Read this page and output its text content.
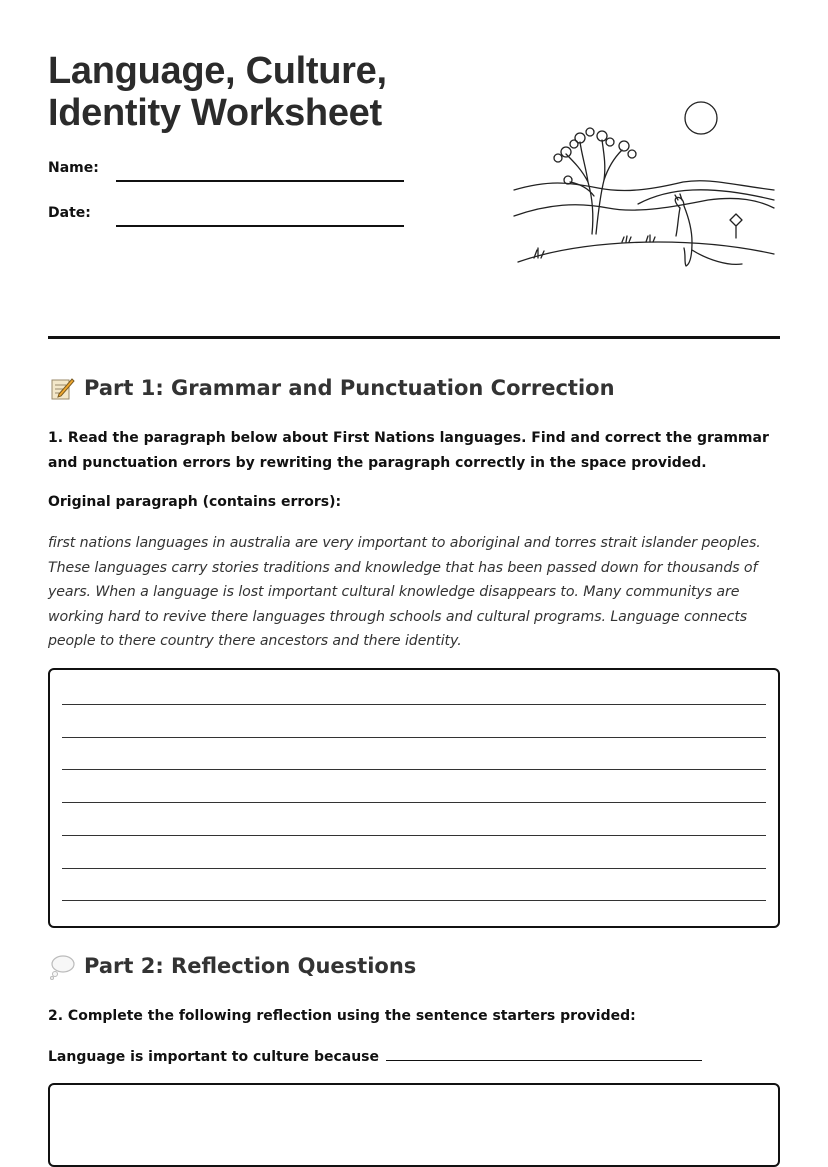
Language, Culture,
Identity Worksheet
Name:
Date:
Part 1: Grammar and Punctuation Correction
1. Read the paragraph below about First Nations languages. Find and correct the grammar and punctuation errors by rewriting the paragraph correctly in the space provided.
Original paragraph (contains errors):
first nations languages in australia are very important to aboriginal and torres strait islander peoples. These languages carry stories traditions and knowledge that has been passed down for thousands of years. When a language is lost important cultural knowledge disappears to. Many communitys are working hard to revive there languages through schools and cultural programs. Language connects people to there country there ancestors and there identity.
Part 2: Reflection Questions
2. Complete the following reflection using the sentence starters provided:
Language is important to culture because
